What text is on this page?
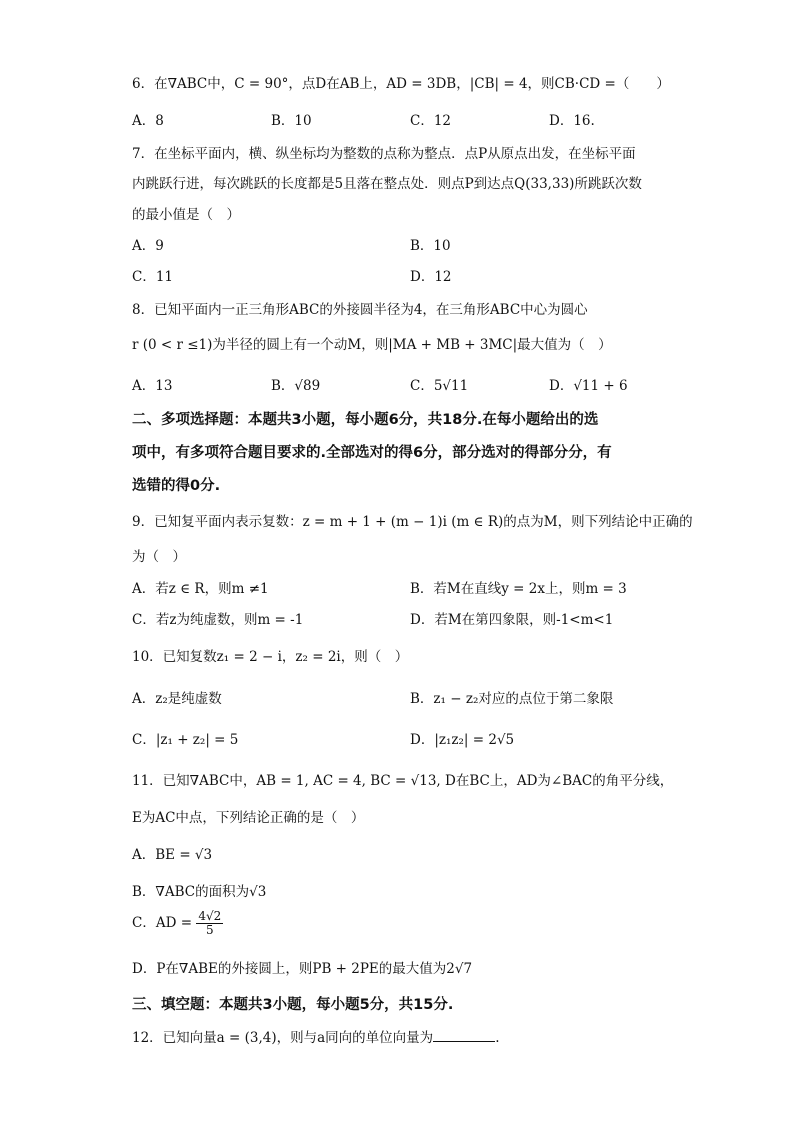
6．在∇ABC中，C = 90°，点D在AB上，AD = 3DB，|CB| = 4，则CB·CD =（　　）
A．8	B．10	C．12	D．16.
7．在坐标平面内，横、纵坐标均为整数的点称为整点．点P从原点出发，在坐标平面
内跳跃行进，每次跳跃的长度都是5且落在整点处．则点P到达点Q(33,33)所跳跃次数
的最小值是（　）
A．9	B．10
C．11	D．12
8．已知平面内一正三角形ABC的外接圆半径为4，在三角形ABC中心为圆心
r (0 < r ≤1)为半径的圆上有一个动M，则|MA + MB + 3MC|最大值为（　）
A．13	B．√89	C．5√11	D．√11 + 6
二、多项选择题：本题共3小题，每小题6分，共18分.在每小题给出的选
项中，有多项符合题目要求的.全部选对的得6分，部分选对的得部分分，有
选错的得0分.
9．已知复平面内表示复数：z = m + 1 + (m − 1)i (m ∈ R)的点为M，则下列结论中正确的
为（　）
A．若z ∈ R，则m ≠1	B．若M在直线y = 2x上，则m = 3
C．若z为纯虚数，则m = -1	D．若M在第四象限，则-1<m<1
10．已知复数z₁ = 2 − i，z₂ = 2i，则（　）
A．z₂是纯虚数	B．z₁ − z₂对应的点位于第二象限
C．|z₁ + z₂| = 5	D．|z₁z₂| = 2√5
11．已知∇ABC中，AB = 1, AC = 4, BC = √13, D在BC上，AD为∠BAC的角平分线，
E为AC中点，下列结论正确的是（　）
A．BE = √3
B．∇ABC的面积为√3
C．AD = $\frac{4√2}{5}$
D．P在∇ABE的外接圆上，则PB + 2PE的最大值为2√7
三、填空题：本题共3小题，每小题5分，共15分.
12．已知向量a = (3,4)，则与a同向的单位向量为	.
